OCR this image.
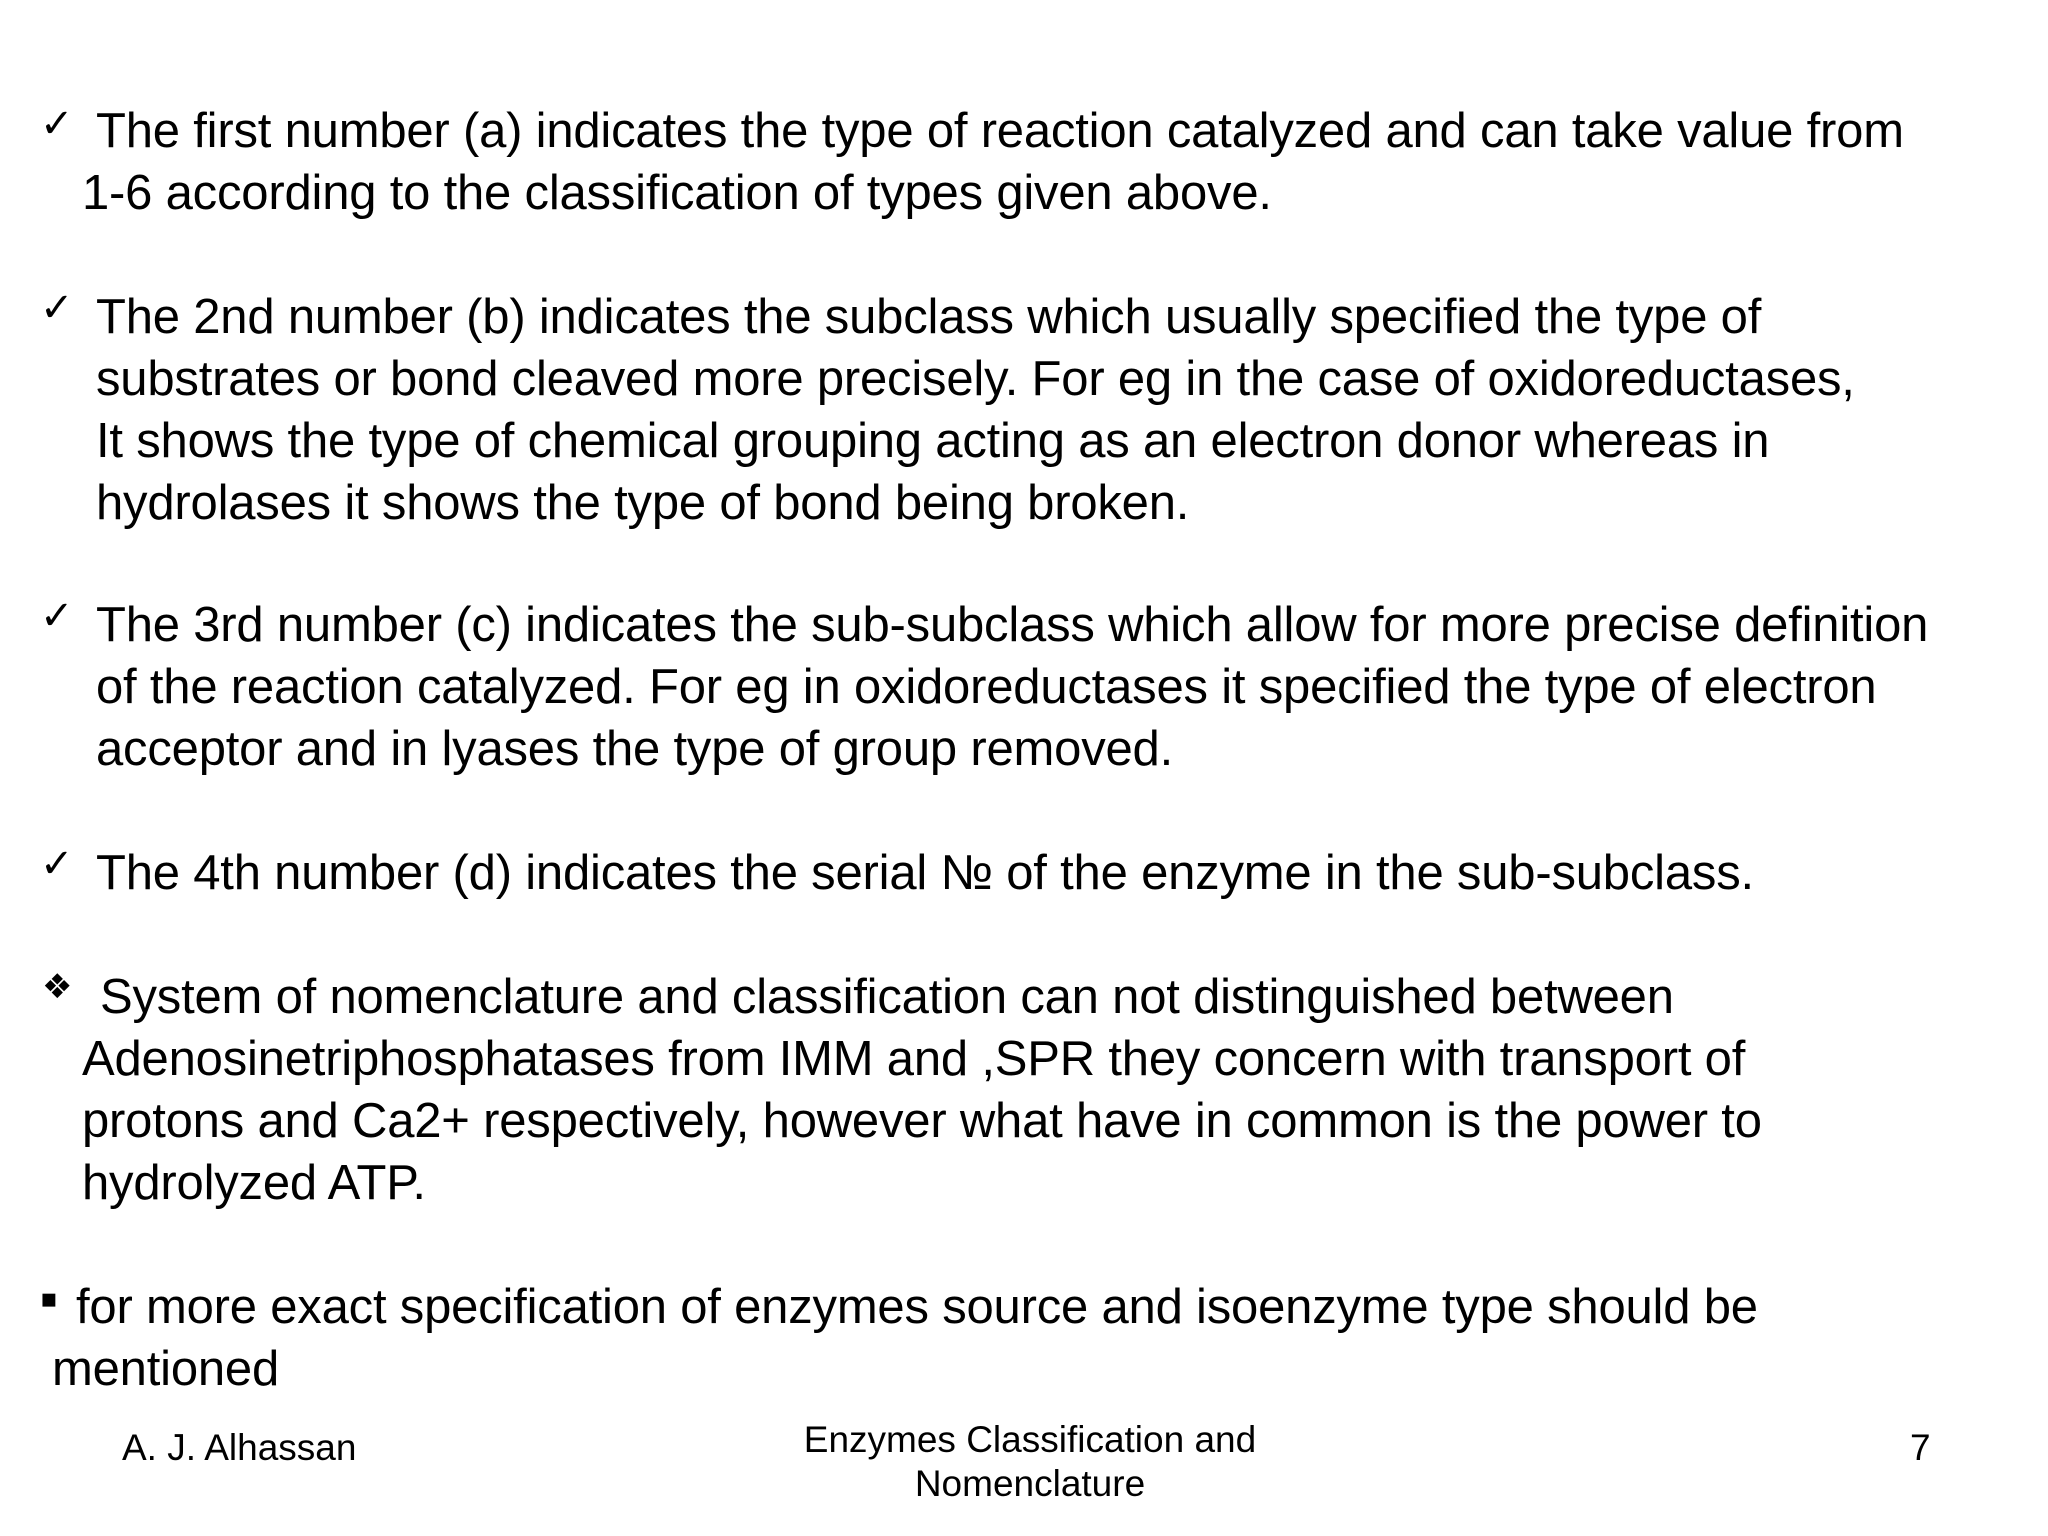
✓ The first number (a) indicates the type of reaction catalyzed and can take value from
1-6 according to the classification of types given above.
✓ The 2nd number (b) indicates the subclass which usually specified the type of
substrates or bond cleaved more precisely. For eg in the case of oxidoreductases,
It shows the type of chemical grouping acting as an electron donor whereas in
hydrolases it shows the type of bond being broken.
✓ The 3rd number (c) indicates the sub-subclass which allow for more precise definition
of the reaction catalyzed. For eg in oxidoreductases it specified the type of electron
acceptor and in lyases the type of group removed.
✓ The 4th number (d) indicates the serial № of the enzyme in the sub-subclass.
❖ System of nomenclature and classification can not distinguished between
Adenosinetriphosphatases from IMM and ,SPR they concern with transport of
protons and Ca2+ respectively, however what have in common is the power to
hydrolyzed ATP.
▪ for more exact specification of enzymes source and isoenzyme type should be
mentioned
A. J. Alhassan	Enzymes Classification and
Nomenclature
7
